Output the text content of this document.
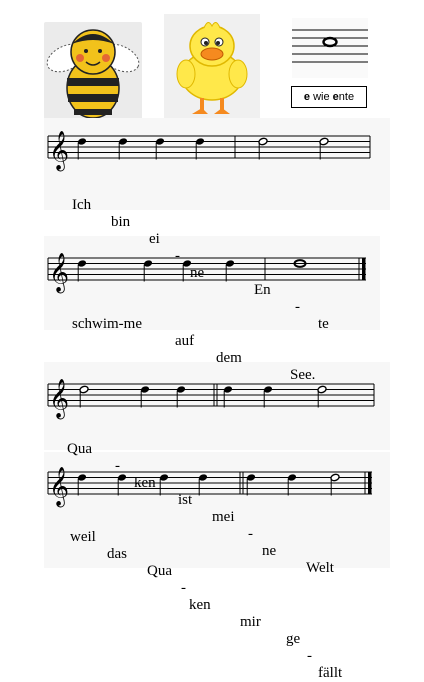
e wie e nte
𝄞
𝄞
𝄞
𝄞

Ich

bin

ei

-

ne

En

-

te

schwim-me

auf

dem

See.

Qua

-

ken

ist

mei

-

ne

Welt

weil

das

Qua

-

ken

mir

ge

-

fällt
